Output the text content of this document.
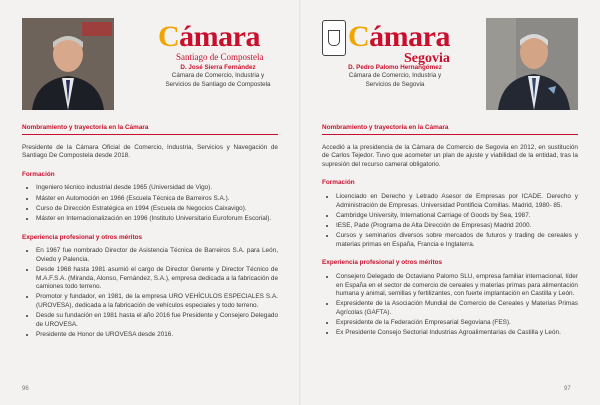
Cámara
Santiago de Compostela
D. José Sierra Fernández
Cámara de Comercio, Industria y
Servicios de Santiago de Compostela
Nombramiento y trayectoria en la Cámara
Presidente de la Cámara Oficial de Comercio, Industria, Servicios y Navegación de Santiago De Compostela desde 2018.
Formación
• Ingeniero técnico industrial desde 1965 (Universidad de Vigo).
• Máster en Automoción en 1966 (Escuela Técnica de Barreiros S.A.).
• Curso de Dirección Estratégica en 1994 (Escuela de Negocios Caixavigo).
• Máster en Internacionalización en 1996 (Instituto Universitario Euroforum Escorial).
Experiencia profesional y otros méritos
• En 1967 fue nombrado Director de Asistencia Técnica de Barreiros S.A. para León, Oviedo y Palencia.
• Desde 1968 hasta 1981 asumió el cargo de Director Gerente y Director Técnico de M.A.F.S.A. (Miranda, Alonso, Fernández, S.A.), empresa dedicada a la fabricación de camiones todo terreno.
• Promotor y fundador, en 1981, de la empresa URO VEHÍCULOS ESPECIALES S.A. (UROVESA), dedicada a la fabricación de vehículos especiales y todo terreno.
• Desde su fundación en 1981 hasta el año 2016 fue Presidente y Consejero Delegado de UROVESA.
• Presidente de Honor de UROVESA desde 2016.
96
Cámara
Segovia
D. Pedro Palomo Hernangómez
Cámara de Comercio, Industria y
Servicios de Segovia
Nombramiento y trayectoria en la Cámara
Accedió a la presidencia de la Cámara de Comercio de Segovia en 2012, en sustitución de Carlos Tejedor. Tuvo que acometer un plan de ajuste y viabilidad de la entidad, tras la supresión del recurso cameral obligatorio.
Formación
• Licenciado en Derecho y Letrado Asesor de Empresas por ICADE. Derecho y Administración de Empresas. Universidad Pontificia Comillas. Madrid, 1980- 85.
• Cambridge University, International Carriage of Goods by Sea, 1987.
• IESE, Pade (Programa de Alta Dirección de Empresas) Madrid 2000.
• Cursos y seminarios diversos sobre mercados de futuros y trading de cereales y materias primas en España, Francia e Inglaterra.
Experiencia profesional y otros méritos
• Consejero Delegado de Octaviano Palomo SLU, empresa familiar internacional, líder en España en el sector de comercio de cereales y materias primas para alimentación humana y animal, semillas y fertilizantes, con fuerte implantación en Castilla y León.
• Expresidente de la Asociación Mundial de Comercio de Cereales y Materias Primas Agrícolas (GAFTA).
• Expresidente de la Federación Empresarial Segoviana (FES).
• Ex Presidente Consejo Sectorial Industrias Agroalimentarias de Castilla y León.
97
